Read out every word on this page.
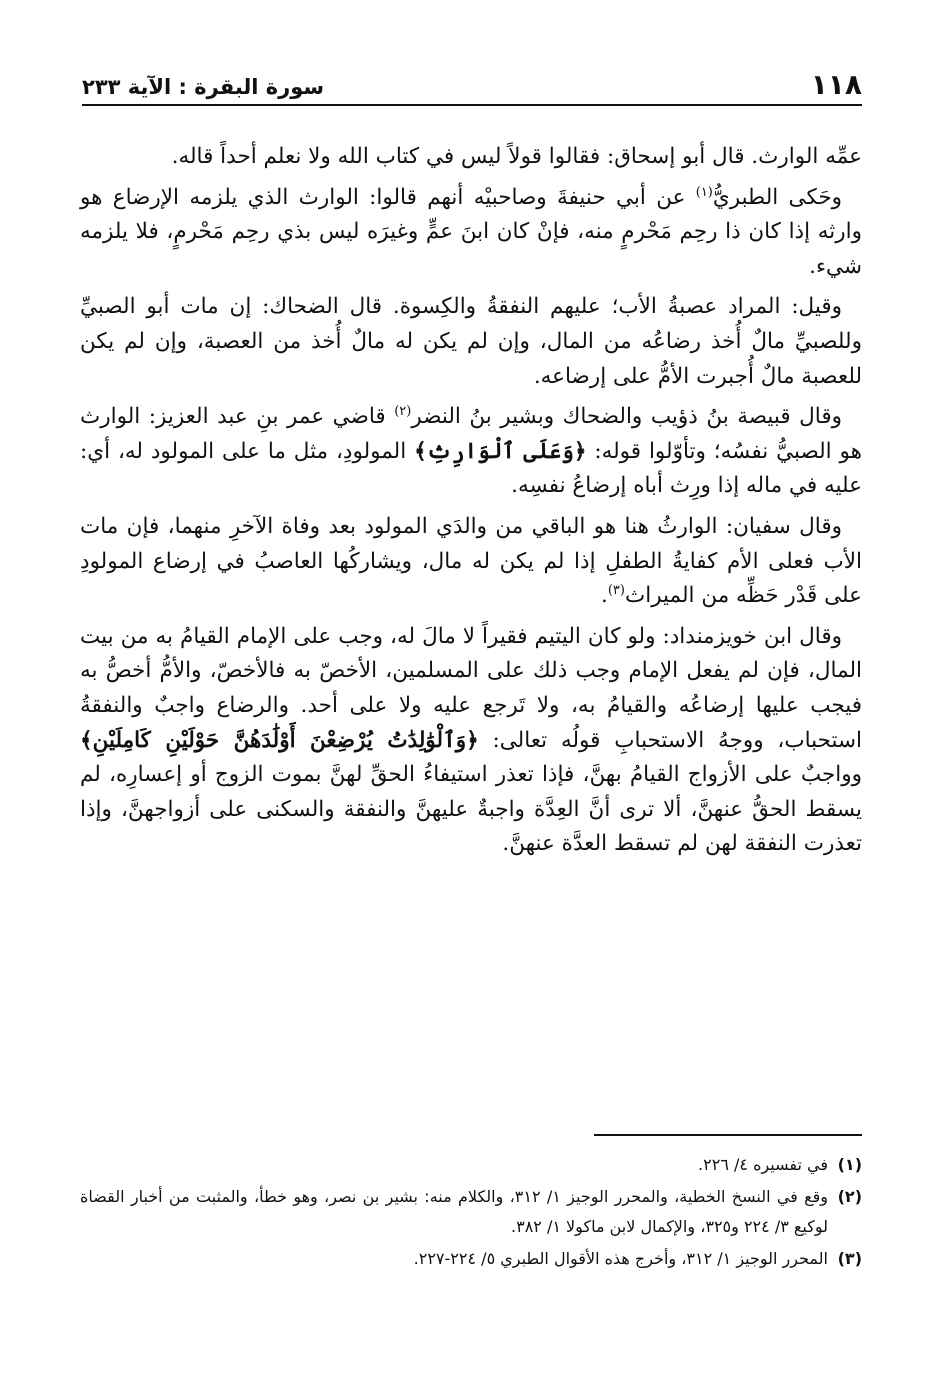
١١٨
سورة البقرة : الآية ٢٣٣

عمِّه الوارث. قال أبو إسحاق: فقالوا قولاً ليس في كتاب الله ولا نعلم أحداً قاله.

وحَكى الطبريُّ$^{(١)}$ عن أبي حنيفةَ وصاحبيْه أنهم قالوا: الوارث الذي يلزمه الإرضاع هو وارثه إذا كان ذا رحِم مَحْرمٍ منه، فإنْ كان ابنَ عمٍّ وغيرَه ليس بذي رحِم مَحْرمٍ، فلا يلزمه شيء.

وقيل: المراد عصبةُ الأب؛ عليهم النفقةُ والكِسوة. قال الضحاك: إن مات أبو الصبيِّ وللصبيِّ مالٌ أُخذ رضاعُه من المال، وإن لم يكن له مالٌ أُخذ من العصبة، وإن لم يكن للعصبة مالٌ أُجبرت الأمُّ على إرضاعه.

وقال قبيصة بنُ ذؤيب والضحاك وبشير بنُ النضر$^{(٢)}$ قاضي عمر بنِ عبد العزيز: الوارث هو الصبيُّ نفسُه؛ وتأوّلوا قوله: ﴿وَعَلَى ٱلْوَارِثِ﴾ المولودِ، مثل ما على المولود له، أي: عليه في ماله إذا ورِث أباه إرضاعُ نفسِه.

وقال سفيان: الوارثُ هنا هو الباقي من والدَي المولود بعد وفاة الآخرِ منهما، فإن مات الأب فعلى الأم كفايةُ الطفلِ إذا لم يكن له مال، ويشاركُها العاصبُ في إرضاع المولودِ على قَدْر حَظِّه من الميراث$^{(٣)}$.

وقال ابن خويزمنداد: ولو كان اليتيم فقيراً لا مالَ له، وجب على الإمام القيامُ به من بيت المال، فإن لم يفعل الإمام وجب ذلك على المسلمين، الأخصّ به فالأخصّ، والأمُّ أخصُّ به فيجب عليها إرضاعُه والقيامُ به، ولا تَرجع عليه ولا على أحد. والرضاع واجبٌ والنفقةُ استحباب، ووجهُ الاستحبابِ قولُه تعالى: ﴿وَٱلْوَٰلِدَٰتُ يُرْضِعْنَ أَوْلَٰدَهُنَّ حَوْلَيْنِ كَامِلَيْنِ﴾ وواجبٌ على الأزواج القيامُ بهنَّ، فإذا تعذر استيفاءُ الحقِّ لهنَّ بموت الزوج أو إعسارِه، لم يسقط الحقُّ عنهنَّ، ألا ترى أنَّ العِدَّة واجبةٌ عليهنَّ والنفقة والسكنى على أزواجهنَّ، وإذا تعذرت النفقة لهن لم تسقط العدَّة عنهنَّ.

(١)
في تفسيره ٤/ ٢٢٦.
(٢)
وقع في النسخ الخطية، والمحرر الوجيز ١/ ٣١٢، والكلام منه: بشير بن نصر، وهو خطأ، والمثبت من أخبار القضاة لوكيع ٣/ ٢٢٤ و٣٢٥، والإكمال لابن ماكولا ١/ ٣٨٢.
(٣)
المحرر الوجيز ١/ ٣١٢، وأخرج هذه الأقوال الطبري ٥/ ٢٢٤-٢٢٧.
